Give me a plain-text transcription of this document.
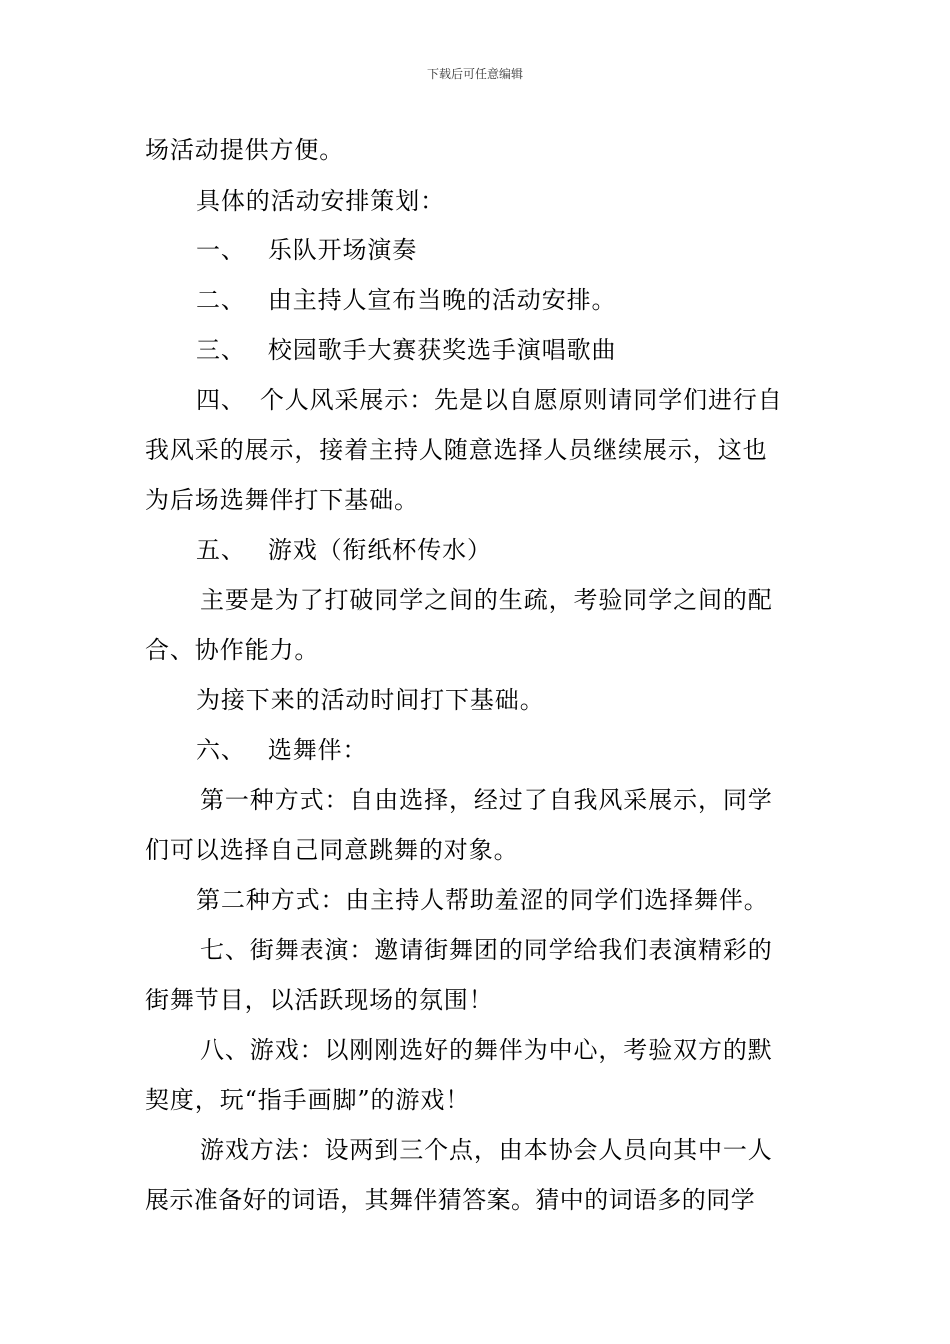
下载后可任意编辑
场活动提供方便。
具体的活动安排策划：
一、 乐队开场演奏
二、 由主持人宣布当晚的活动安排。
三、 校园歌手大赛获奖选手演唱歌曲
四、 个人风采展示：先是以自愿原则请同学们进行自
我风采的展示，接着主持人随意选择人员继续展示，这也
为后场选舞伴打下基础。
五、 游戏（衔纸杯传水）
主要是为了打破同学之间的生疏，考验同学之间的配
合、协作能力。
为接下来的活动时间打下基础。
六、 选舞伴：
第一种方式：自由选择，经过了自我风采展示，同学
们可以选择自己同意跳舞的对象。
第二种方式：由主持人帮助羞涩的同学们选择舞伴。
七、街舞表演：邀请街舞团的同学给我们表演精彩的
街舞节目，以活跃现场的氛围！
八、游戏：以刚刚选好的舞伴为中心，考验双方的默
契度，玩“指手画脚”的游戏！
游戏方法：设两到三个点，由本协会人员向其中一人
展示准备好的词语，其舞伴猜答案。猜中的词语多的同学
